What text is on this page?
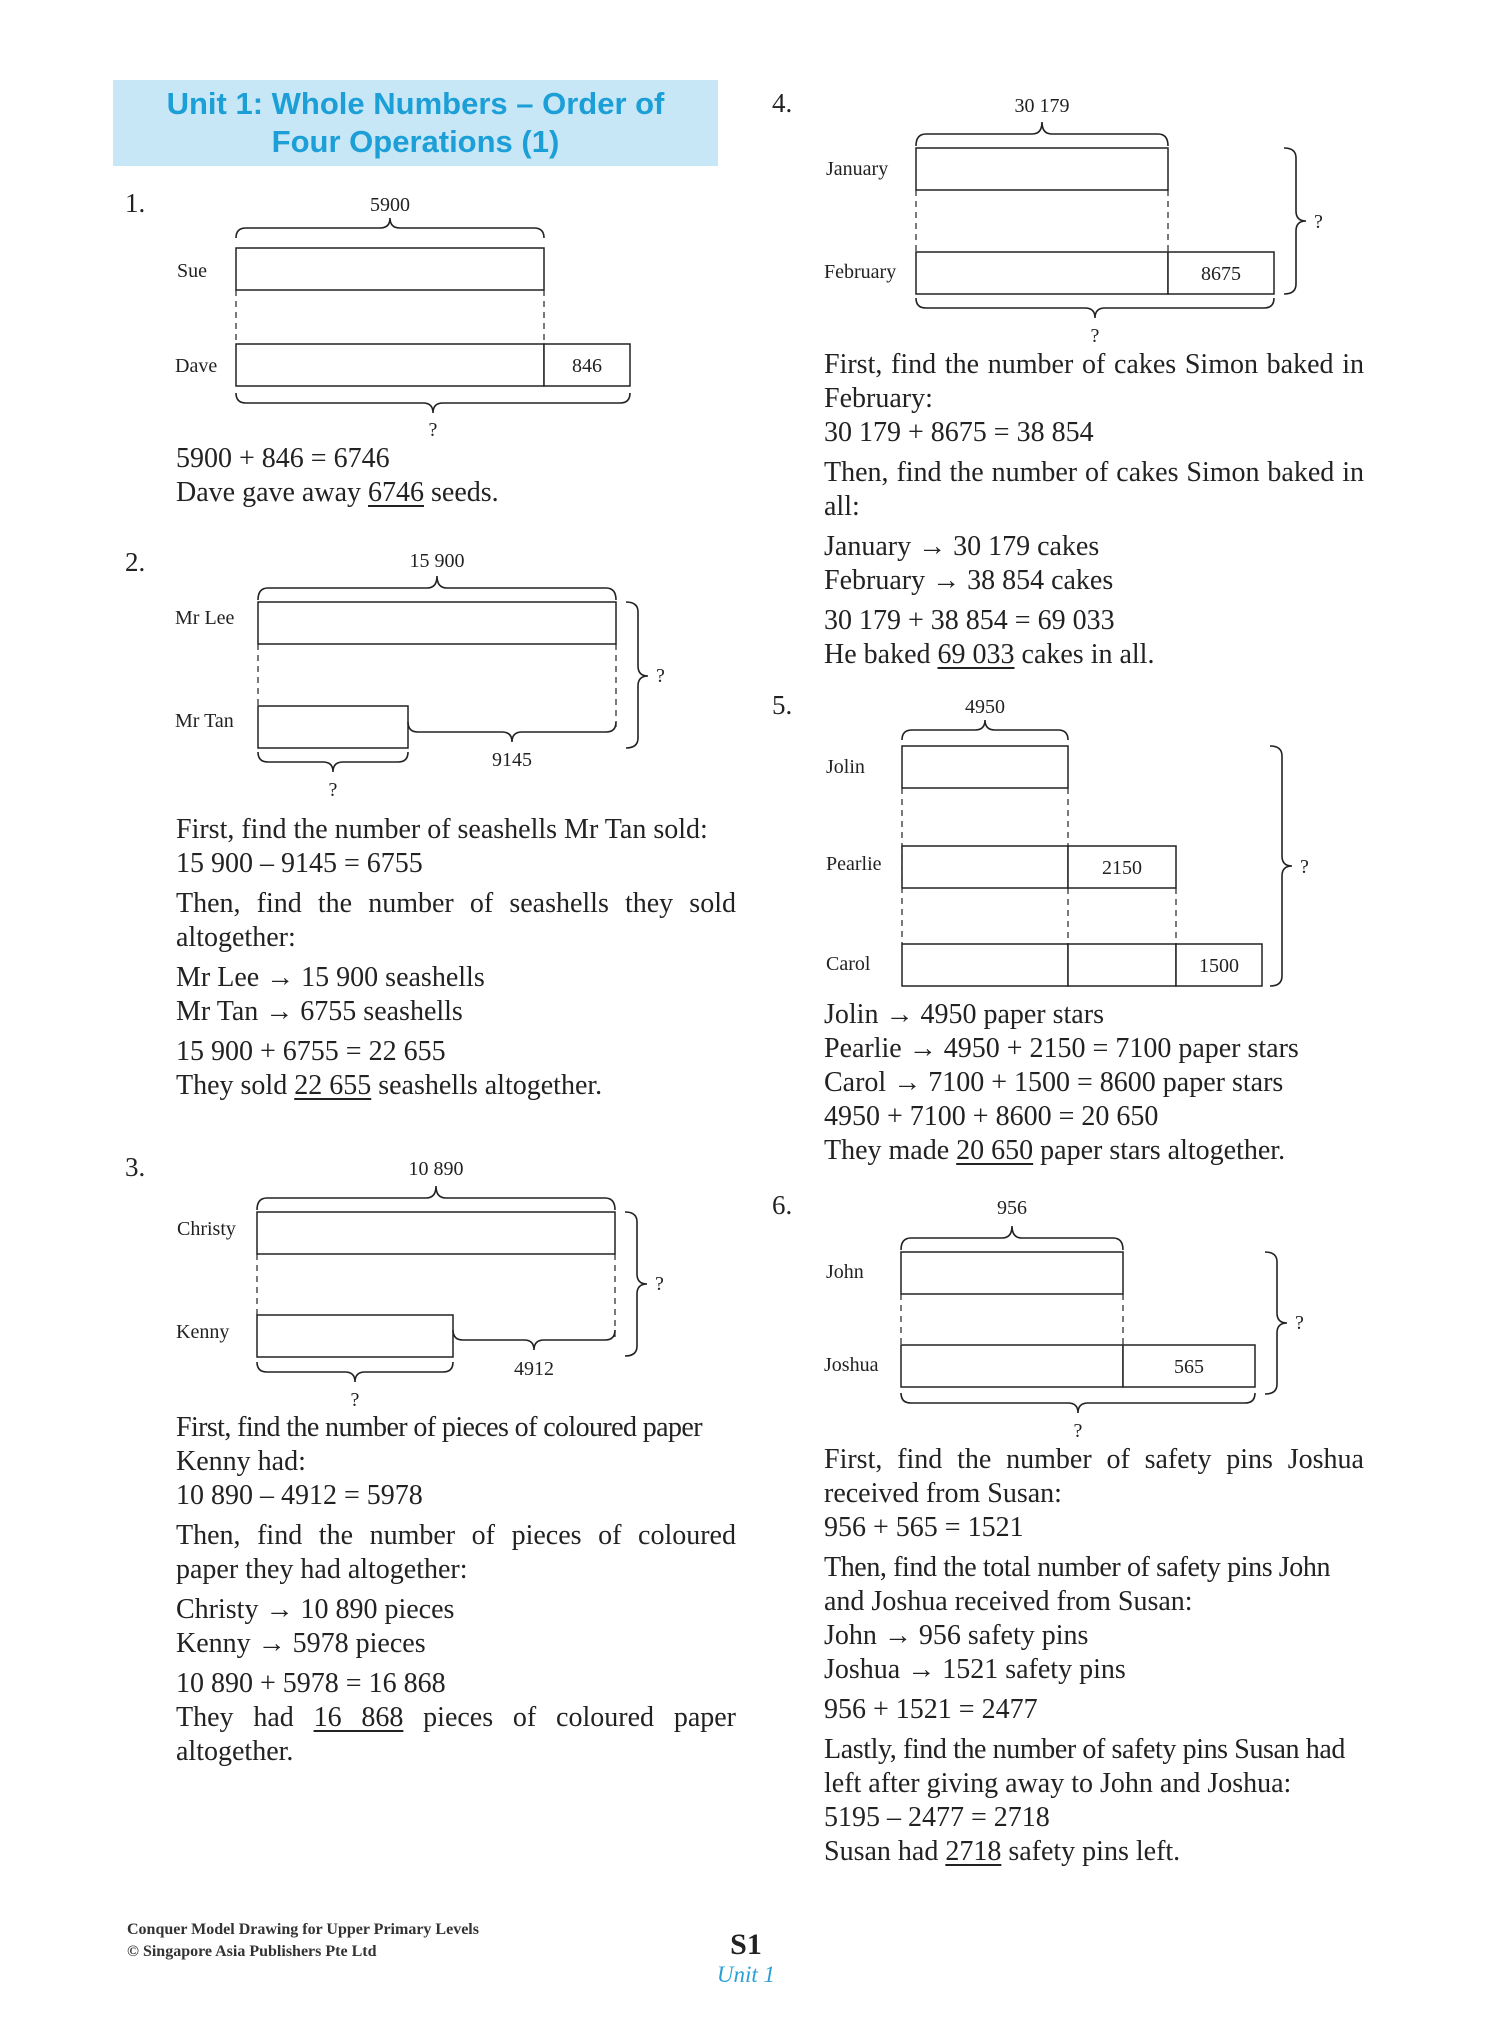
Unit 1: Whole Numbers – Order of
Four Operations (1)
1.	5900
Sue
Dave	846
?

5900 + 846 = 6746

Dave gave away 6746 seeds.

2.	15 900
Mr Lee
Mr Tan
9145
?
?

First, find the number of seashells Mr Tan sold:

15 900 – 9145 = 6755

Then, find the number of seashells they sold

altogether:

Mr Lee → 15 900 seashells

Mr Tan → 6755 seashells

15 900 + 6755 = 22 655

They sold 22 655 seashells altogether.

3.	10 890
Christy
Kenny
4912
?
?

First, find the number of pieces of coloured paper

Kenny had:

10 890 – 4912 = 5978

Then, find the number of pieces of coloured

paper they had altogether:

Christy → 10 890 pieces

Kenny → 5978 pieces

10 890 + 5978 = 16 868

They had 16 868 pieces of coloured paper

altogether.

4.	30 179
January
February	8675
?
?

First, find the number of cakes Simon baked in

February:

30 179 + 8675 = 38 854

Then, find the number of cakes Simon baked in

all:

January → 30 179 cakes

February → 38 854 cakes

30 179 + 38 854 = 69 033

He baked 69 033 cakes in all.

5.	4950
Jolin
Pearlie	2150
Carol	1500
?

Jolin → 4950 paper stars

Pearlie → 4950 + 2150 = 7100 paper stars

Carol → 7100 + 1500 = 8600 paper stars

4950 + 7100 + 8600 = 20 650

They made 20 650 paper stars altogether.

6.	956
John
Joshua	565
?
?

First, find the number of safety pins Joshua

received from Susan:

956 + 565 = 1521

Then, find the total number of safety pins John

and Joshua received from Susan:

John → 956 safety pins

Joshua → 1521 safety pins

956 + 1521 = 2477

Lastly, find the number of safety pins Susan had

left after giving away to John and Joshua:

5195 – 2477 = 2718

Susan had 2718 safety pins left.

Conquer Model Drawing for Upper Primary Levels
© Singapore Asia Publishers Pte Ltd	S1
Unit 1
